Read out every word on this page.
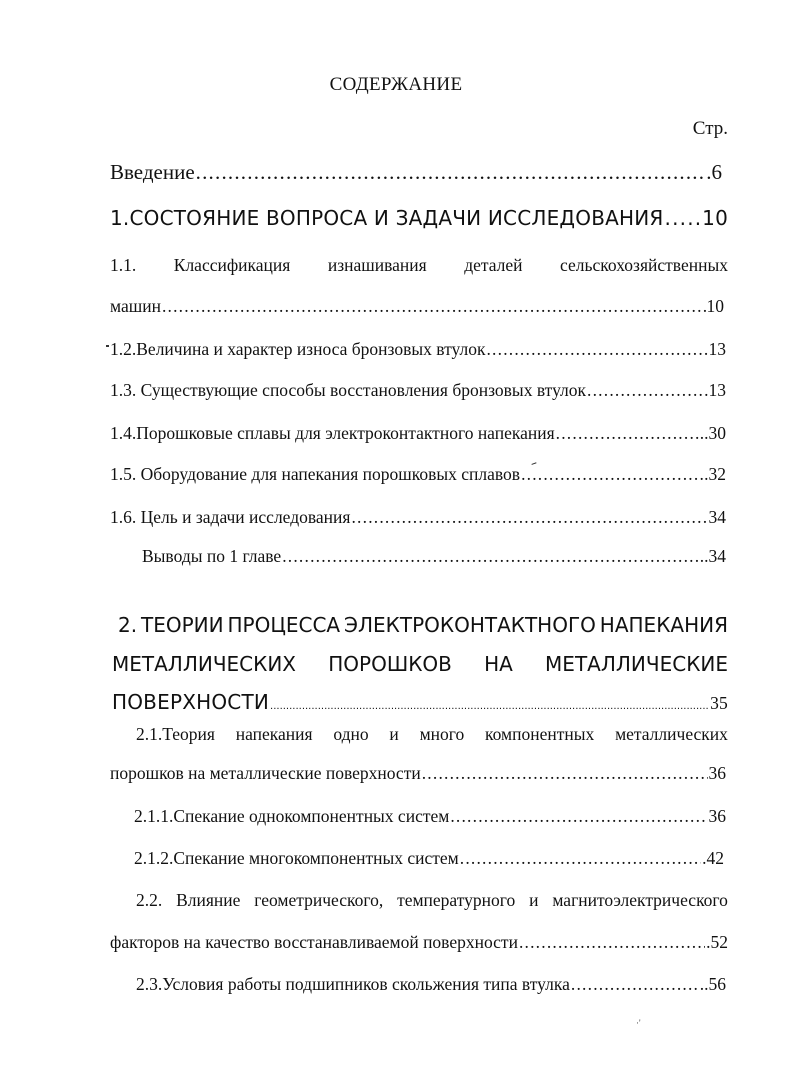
СОДЕРЖАНИЕ
Стр.
Введение .....	.6
1.СОСТОЯНИЕ ВОПРОСА И ЗАДАЧИ ИССЛЕДОВАНИЯ ..... 10
1.1. Классификация изнашивания деталей сельскохозяйственных
машин .....	10
1.2.Величина и характер износа бронзовых втулок .....	13
1.3. Существующие способы восстановления бронзовых втулок .....	.13
1.4.Порошковые сплавы для электроконтактного напекания .....	..30
1.5. Оборудование для напекания порошковых сплавов .....	.32
1.6. Цель и задачи исследования .....	34
Выводы по 1 главе .....	..34
2. ТЕОРИИ ПРОЦЕССА ЭЛЕКТРОКОНТАКТНОГО НАПЕКАНИЯ
МЕТАЛЛИЧЕСКИХ ПОРОШКОВ НА МЕТАЛЛИЧЕСКИЕ
ПОВЕРХНОСТИ .....	35
2.1.Теория напекания одно и много компонентных металлических
порошков на металлические поверхности .....	36
2.1.1.Спекание однокомпонентных систем .....	36
2.1.2.Спекание многокомпонентных систем .....	.42
2.2. Влияние геометрического, температурного и магнитоэлектрического
факторов на качество восстанавливаемой поверхности .....	.52
2.3.Условия работы подшипников скольжения типа втулка .....	..56
·'
